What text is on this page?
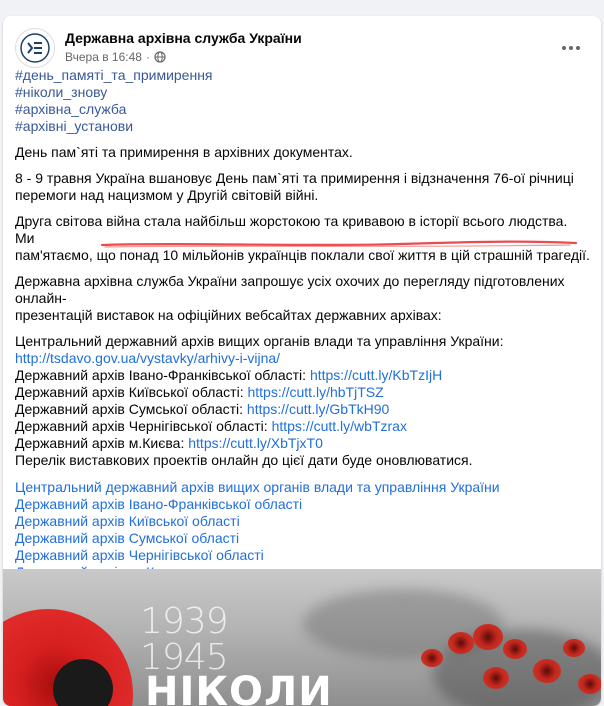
Державна архівна служба України
Вчера в 16:48 ·
#день_памяті_та_примирення
#ніколи_знову
#архівна_служба
#архівні_установи
День пам`яті та примирення в архівних документах.
8 - 9 травня Україна вшановує День пам`яті та примирення і відзначення 76-ої річниці
перемоги над нацизмом у Другій світовій війні.
Друга світова війна стала найбільш жорстокою та кривавою в історії всього людства. Ми
пам'ятаємо, що понад 10 мільйонів українців поклали свої життя в цій страшній трагедії.
Державна архівна служба України запрошує усіх охочих до перегляду підготовлених онлайн-
презентацій виставок на офіційних вебсайтах державних архівах:
Центральний державний архів вищих органів влади та управління України:
http://tsdavo.gov.ua/vystavky/arhivy-i-vijna/
Державний архів Івано-Франківської області: https://cutt.ly/KbTzIjH
Державний архів Київської області: https://cutt.ly/hbTjTSZ
Державний архів Сумської області: https://cutt.ly/GbTkH90
Державний архів Чернігівської області: https://cutt.ly/wbTzrax
Державний архів м.Києва: https://cutt.ly/XbTjxT0
Перелік виставкових проектів онлайн до цієї дати буде оновлюватися.
Центральний державний архів вищих органів влади та управління України
Державний архів Івано-Франківської області
Державний архів Київської області
Державний архів Сумської області
Державний архів Чернігівської області
1939
1945
НІКОЛИ
